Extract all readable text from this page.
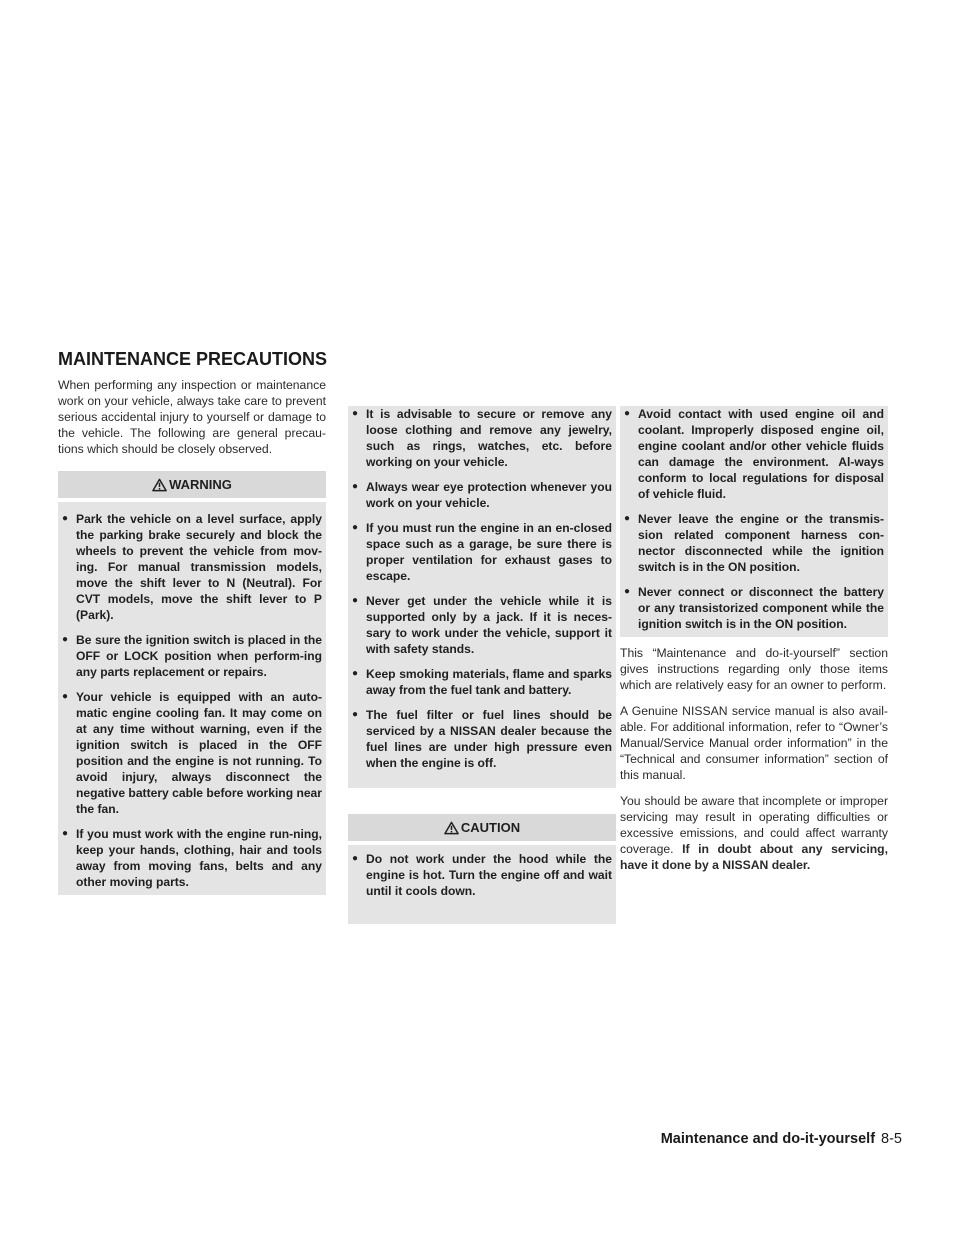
MAINTENANCE PRECAUTIONS

When performing any inspection or maintenance work on your vehicle, always take care to prevent serious accidental injury to yourself or damage to the vehicle. The following are general precau-tions which should be closely observed.

WARNING
● Park the vehicle on a level surface, apply the parking brake securely and block the wheels to prevent the vehicle from mov-ing. For manual transmission models, move the shift lever to N (Neutral). For CVT models, move the shift lever to P (Park).
● Be sure the ignition switch is placed in the OFF or LOCK position when perform-ing any parts replacement or repairs.
● Your vehicle is equipped with an auto-matic engine cooling fan. It may come on at any time without warning, even if the ignition switch is placed in the OFF position and the engine is not running. To avoid injury, always disconnect the negative battery cable before working near the fan.
● If you must work with the engine run-ning, keep your hands, clothing, hair and tools away from moving fans, belts and any other moving parts.
● It is advisable to secure or remove any loose clothing and remove any jewelry, such as rings, watches, etc. before working on your vehicle.
● Always wear eye protection whenever you work on your vehicle.
● If you must run the engine in an en-closed space such as a garage, be sure there is proper ventilation for exhaust gases to escape.
● Never get under the vehicle while it is supported only by a jack. If it is neces-sary to work under the vehicle, support it with safety stands.
● Keep smoking materials, flame and sparks away from the fuel tank and battery.
● The fuel filter or fuel lines should be serviced by a NISSAN dealer because the fuel lines are under high pressure even when the engine is off.
CAUTION
● Do not work under the hood while the engine is hot. Turn the engine off and wait until it cools down.
● Avoid contact with used engine oil and coolant. Improperly disposed engine oil, engine coolant and/or other vehicle fluids can damage the environment. Al-ways conform to local regulations for disposal of vehicle fluid.
● Never leave the engine or the transmis-sion related component harness con-nector disconnected while the ignition switch is in the ON position.
● Never connect or disconnect the battery or any transistorized component while the ignition switch is in the ON position.

This “Maintenance and do-it-yourself” section gives instructions regarding only those items which are relatively easy for an owner to perform.

A Genuine NISSAN service manual is also avail-able. For additional information, refer to “Owner’s Manual/Service Manual order information” in the “Technical and consumer information” section of this manual.

You should be aware that incomplete or improper servicing may result in operating difficulties or excessive emissions, and could affect warranty coverage. If in doubt about any servicing, have it done by a NISSAN dealer.

Maintenance and do-it-yourself 8-5
